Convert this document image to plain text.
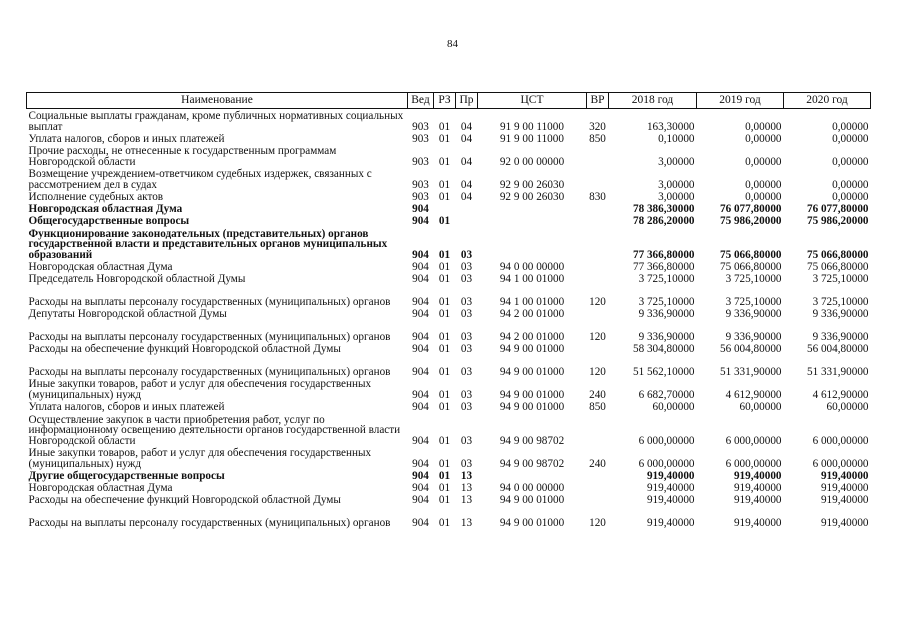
84
Наименование	Вед	РЗ	Пр	ЦСТ	ВР	2018 год	2019 год	2020 год
Социальные выплаты гражданам, кроме публичных нормативных социальных выплат	903	01	04	91 9 00 11000	320	163,30000	0,00000	0,00000
Уплата налогов, сборов и иных платежей	903	01	04	91 9 00 11000	850	0,10000	0,00000	0,00000
Прочие расходы, не отнесенные к государственным программам Новгородской области	903	01	04	92 0 00 00000		3,00000	0,00000	0,00000
Возмещение учреждением-ответчиком судебных издержек, связанных с рассмотрением дел в судах	903	01	04	92 9 00 26030		3,00000	0,00000	0,00000
Исполнение судебных актов	903	01	04	92 9 00 26030	830	3,00000	0,00000	0,00000
Новгородская областная Дума	904					78 386,30000	76 077,80000	76 077,80000
Общегосударственные вопросы	904	01				78 286,20000	75 986,20000	75 986,20000
Функционирование законодательных (представительных) органов государственной власти и представительных органов муниципальных образований	904	01	03			77 366,80000	75 066,80000	75 066,80000
Новгородская областная Дума	904	01	03	94 0 00 00000		77 366,80000	75 066,80000	75 066,80000
Председатель Новгородской областной Думы	904	01	03	94 1 00 01000		3 725,10000	3 725,10000	3 725,10000
Расходы на выплаты персоналу государственных (муниципальных) органов	904	01	03	94 1 00 01000	120	3 725,10000	3 725,10000	3 725,10000
Депутаты Новгородской областной Думы	904	01	03	94 2 00 01000		9 336,90000	9 336,90000	9 336,90000
Расходы на выплаты персоналу государственных (муниципальных) органов	904	01	03	94 2 00 01000	120	9 336,90000	9 336,90000	9 336,90000
Расходы на обеспечение функций Новгородской областной Думы	904	01	03	94 9 00 01000		58 304,80000	56 004,80000	56 004,80000
Расходы на выплаты персоналу государственных (муниципальных) органов	904	01	03	94 9 00 01000	120	51 562,10000	51 331,90000	51 331,90000
Иные закупки товаров, работ и услуг для обеспечения государственных (муниципальных) нужд	904	01	03	94 9 00 01000	240	6 682,70000	4 612,90000	4 612,90000
Уплата налогов, сборов и иных платежей	904	01	03	94 9 00 01000	850	60,00000	60,00000	60,00000
Осуществление закупок в части приобретения работ, услуг по информационному освещению деятельности органов государственной власти Новгородской области	904	01	03	94 9 00 98702		6 000,00000	6 000,00000	6 000,00000
Иные закупки товаров, работ и услуг для обеспечения государственных (муниципальных) нужд	904	01	03	94 9 00 98702	240	6 000,00000	6 000,00000	6 000,00000
Другие общегосударственные вопросы	904	01	13			919,40000	919,40000	919,40000
Новгородская областная Дума	904	01	13	94 0 00 00000		919,40000	919,40000	919,40000
Расходы на обеспечение функций Новгородской областной Думы	904	01	13	94 9 00 01000		919,40000	919,40000	919,40000
Расходы на выплаты персоналу государственных (муниципальных) органов	904	01	13	94 9 00 01000	120	919,40000	919,40000	919,40000
